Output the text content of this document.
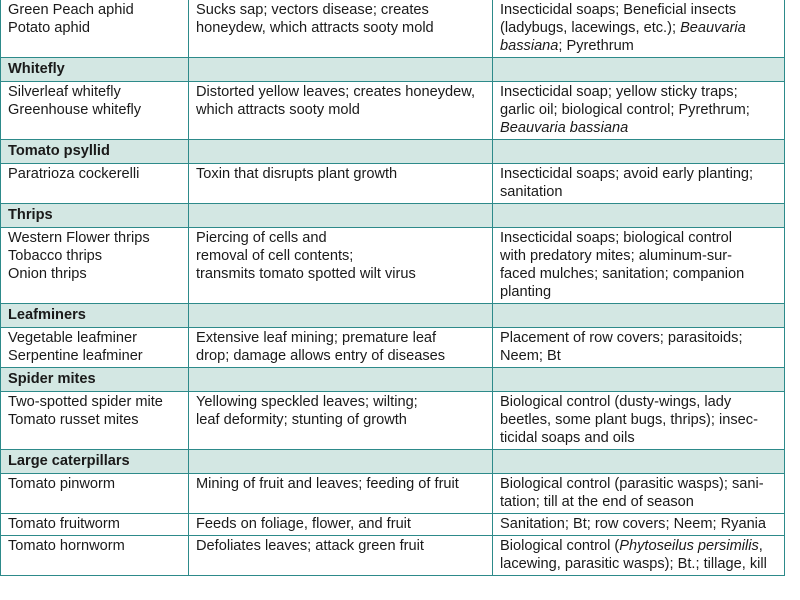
Green Peach aphid
Potato aphid	Sucks sap; vectors disease; creates
honeydew, which attracts sooty mold	Insecticidal soaps; Beneficial insects
(ladybugs, lacewings, etc.); Beauvaria
bassiana; Pyrethrum

Whitefly		

Silverleaf whitefly
Greenhouse whitefly	Distorted yellow leaves; creates honeydew,
which attracts sooty mold	Insecticidal soap; yellow sticky traps;
garlic oil; biological control; Pyrethrum;
Beauvaria bassiana

Tomato psyllid		

Paratrioza cockerelli	Toxin that disrupts plant growth	Insecticidal soaps; avoid early planting;
sanitation

Thrips		

Western Flower thrips
Tobacco thrips
Onion thrips	Piercing of cells and
removal of cell contents;
transmits tomato spotted wilt virus	Insecticidal soaps; biological control
with predatory mites; aluminum-sur-
faced mulches; sanitation; companion
planting

Leafminers		

Vegetable leafminer
Serpentine leafminer	Extensive leaf mining; premature leaf
drop; damage allows entry of diseases	Placement of row covers; parasitoids;
Neem; Bt

Spider mites		

Two-spotted spider mite
Tomato russet mites	Yellowing speckled leaves; wilting;
leaf deformity; stunting of growth	Biological control (dusty-wings, lady
beetles, some plant bugs, thrips); insec-
ticidal soaps and oils

Large caterpillars		

Tomato pinworm	Mining of fruit and leaves; feeding of fruit	Biological control (parasitic wasps); sani-
tation; till at the end of season

Tomato fruitworm	Feeds on foliage, flower, and fruit	Sanitation; Bt; row covers; Neem; Ryania

Tomato hornworm	Defoliates leaves; attack green fruit	Biological control (Phytoseilus persimilis,
lacewing, parasitic wasps); Bt.; tillage, kill
